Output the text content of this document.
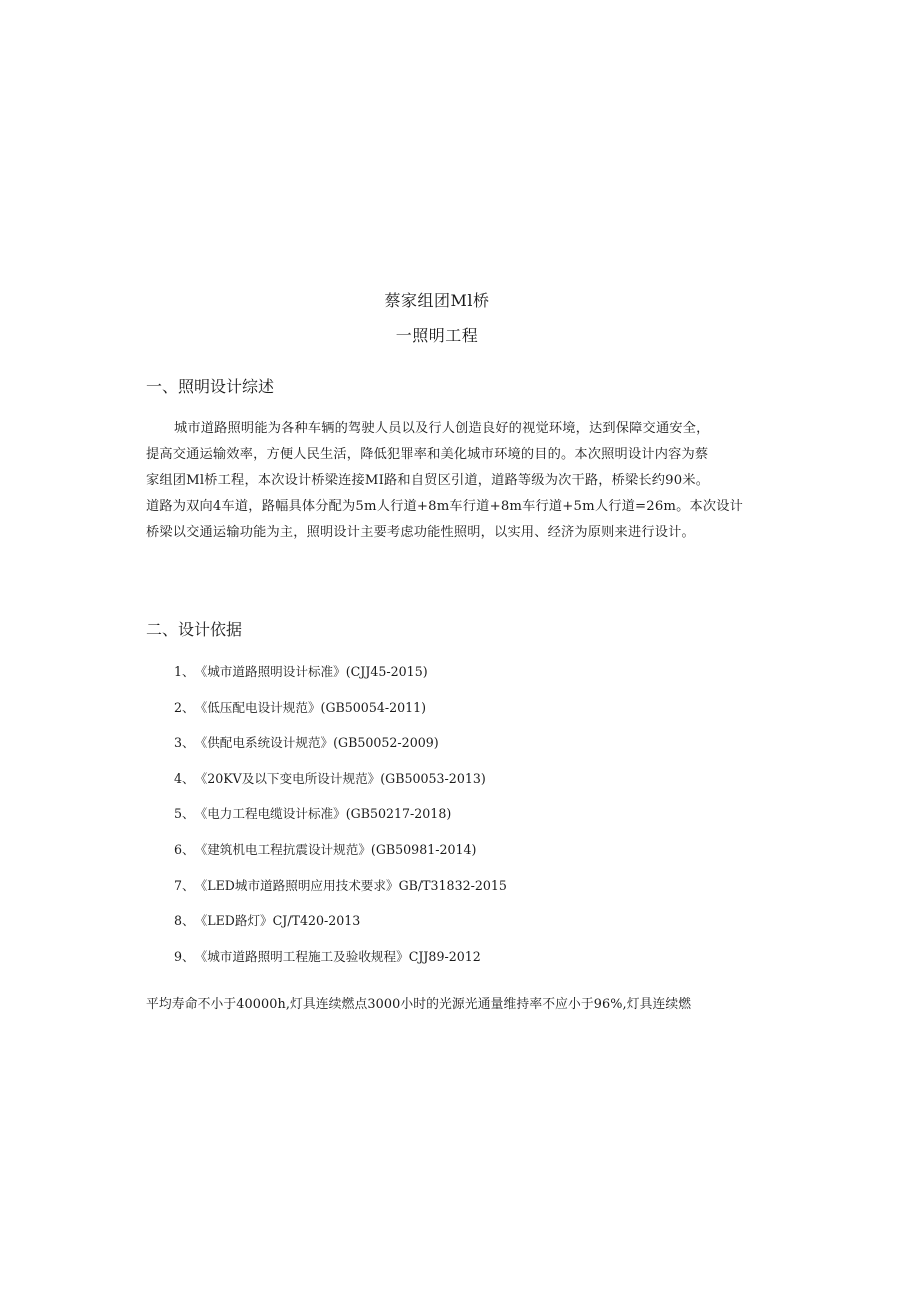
蔡家组团Ml桥
一照明工程
一、照明设计综述
城市道路照明能为各种车辆的驾驶人员以及行人创造良好的视觉环境，达到保障交通安全，
提高交通运输效率，方便人民生活，降低犯罪率和美化城市环境的目的。本次照明设计内容为蔡
家组团Ml桥工程，本次设计桥梁连接MI路和自贸区引道，道路等级为次干路，桥梁长约90米。
道路为双向4车道，路幅具体分配为5m人行道+8m车行道+8m车行道+5m人行道=26m。本次设计
桥梁以交通运输功能为主，照明设计主要考虑功能性照明，以实用、经济为原则来进行设计。
二、设计依据
1、《城市道路照明设计标准》(CJJ45-2015)
2、《低压配电设计规范》(GB50054-2011)
3、《供配电系统设计规范》(GB50052-2009)
4、《20KV及以下变电所设计规范》(GB50053-2013)
5、《电力工程电缆设计标准》(GB50217-2018)
6、《建筑机电工程抗震设计规范》(GB50981-2014)
7、《LED城市道路照明应用技术要求》GB/T31832-2015
8、《LED路灯》CJ/T420-2013
9、《城市道路照明工程施工及验收规程》CJJ89-2012
平均寿命不小于40000h,灯具连续燃点3000小时的光源光通量维持率不应小于96%,灯具连续燃
